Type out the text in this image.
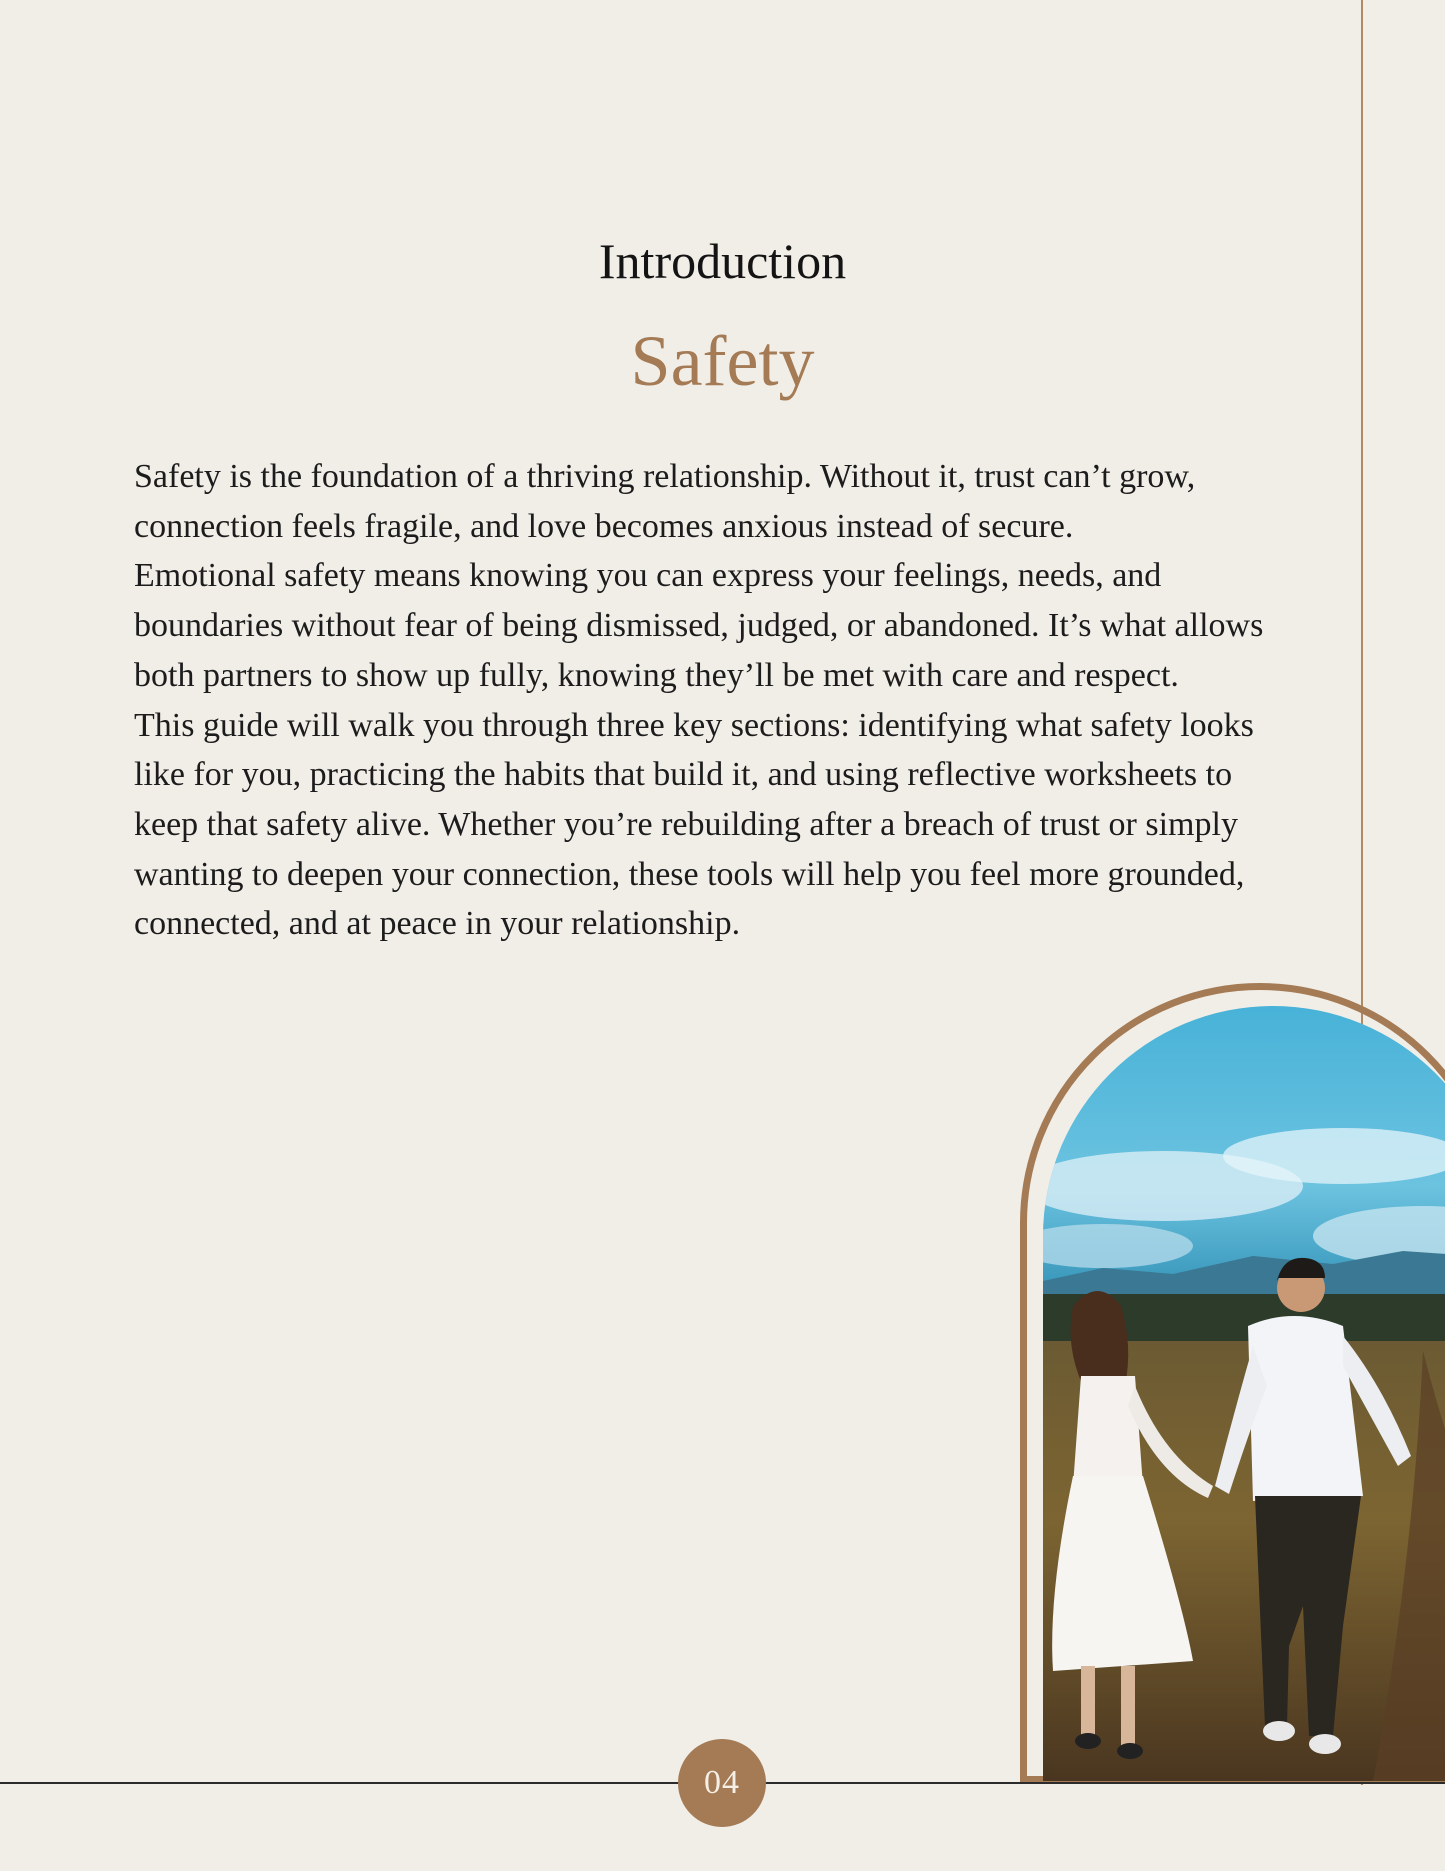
Introduction
Safety

Safety is the foundation of a thriving relationship. Without it, trust can’t grow, connection feels fragile, and love becomes anxious instead of secure.

Emotional safety means knowing you can express your feelings, needs, and boundaries without fear of being dismissed, judged, or abandoned. It’s what allows both partners to show up fully, knowing they’ll be met with care and respect.

This guide will walk you through three key sections: identifying what safety looks like for you, practicing the habits that build it, and using reflective worksheets to keep that safety alive. Whether you’re rebuilding after a breach of trust or simply wanting to deepen your connection, these tools will help you feel more grounded, connected, and at peace in your relationship.

04
